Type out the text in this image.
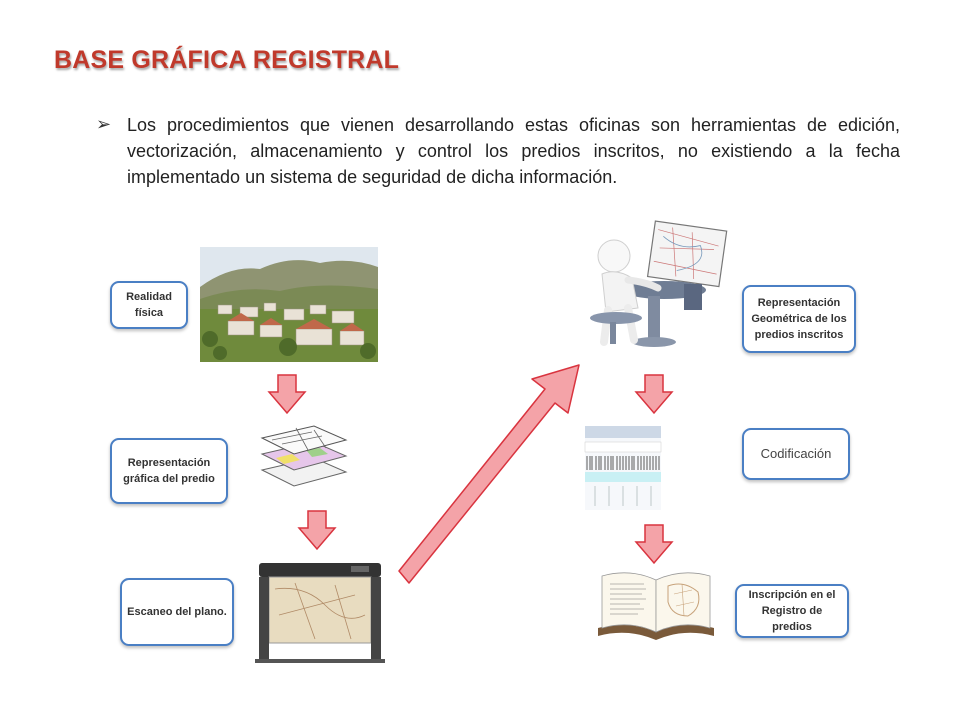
BASE GRÁFICA REGISTRAL
➢ Los procedimientos que vienen desarrollando estas oficinas son herramientas de edición, vectorización, almacenamiento y control los predios inscritos, no existiendo a la fecha implementado un sistema de seguridad de dicha información.
Realidad física
Representación gráfica del predio
Escaneo del plano.
Representación Geométrica de los predios inscritos
Codificación
Inscripción en el Registro de predios
